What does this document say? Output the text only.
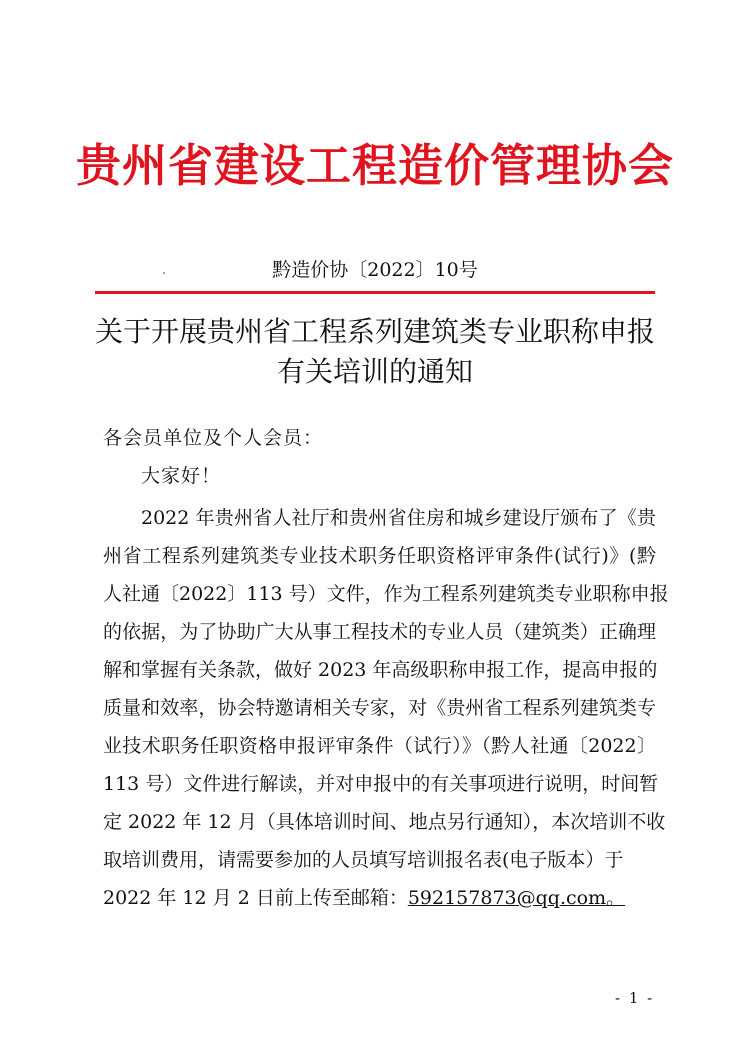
贵州省建设工程造价管理协会
黔造价协〔2022〕10号
关于开展贵州省工程系列建筑类专业职称申报
有关培训的通知
各会员单位及个人会员：
大家好！
2022 年贵州省人社厅和贵州省住房和城乡建设厅颁布了《贵
州省工程系列建筑类专业技术职务任职资格评审条件(试行)》(黔
人社通〔2022〕113 号）文件，作为工程系列建筑类专业职称申报
的依据，为了协助广大从事工程技术的专业人员（建筑类）正确理
解和掌握有关条款，做好 2023 年高级职称申报工作，提高申报的
质量和效率，协会特邀请相关专家，对《贵州省工程系列建筑类专
业技术职务任职资格申报评审条件（试行）》（黔人社通〔2022〕
113 号）文件进行解读，并对申报中的有关事项进行说明，时间暂
定 2022 年 12 月（具体培训时间、地点另行通知），本次培训不收
取培训费用，请需要参加的人员填写培训报名表(电子版本）于
2022 年 12 月 2 日前上传至邮箱：592157873@qq.com。
- 1 -
